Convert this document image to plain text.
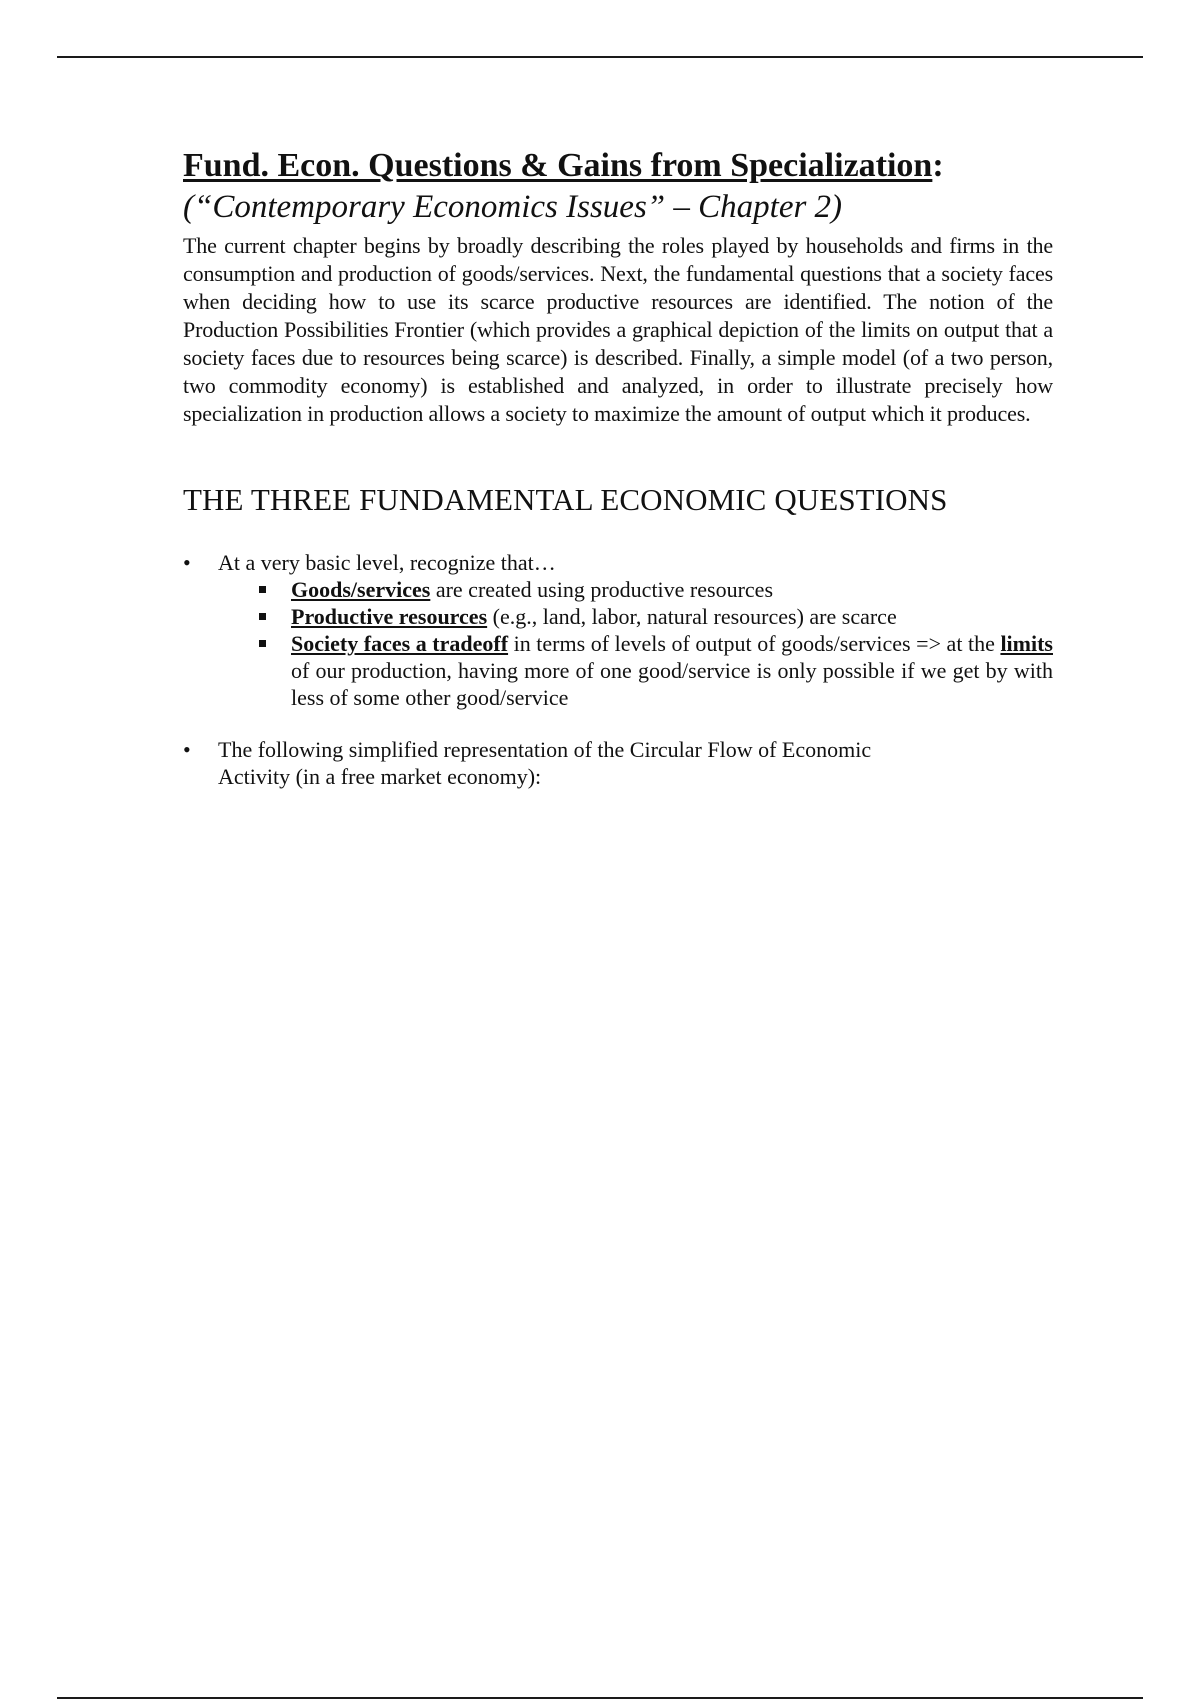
Fund. Econ. Questions & Gains from Specialization:

(“Contemporary Economics Issues” – Chapter 2)

The current chapter begins by broadly describing the roles played by households and firms in the consumption and production of goods/services. Next, the fundamental questions that a society faces when deciding how to use its scarce productive resources are identified. The notion of the Production Possibilities Frontier (which provides a graphical depiction of the limits on output that a society faces due to resources being scarce) is described. Finally, a simple model (of a two person, two commodity economy) is established and analyzed, in order to illustrate precisely how specialization in production allows a society to maximize the amount of output which it produces.

THE THREE FUNDAMENTAL ECONOMIC QUESTIONS
• At a very basic level, recognize that…
Goods/services are created using productive resources
Productive resources (e.g., land, labor, natural resources) are scarce
Society faces a tradeoff in terms of levels of output of goods/services => at the limits of our production, having more of one good/service is only possible if we get by with less of some other good/service
• The following simplified representation of the Circular Flow of Economic
Activity (in a free market economy):
